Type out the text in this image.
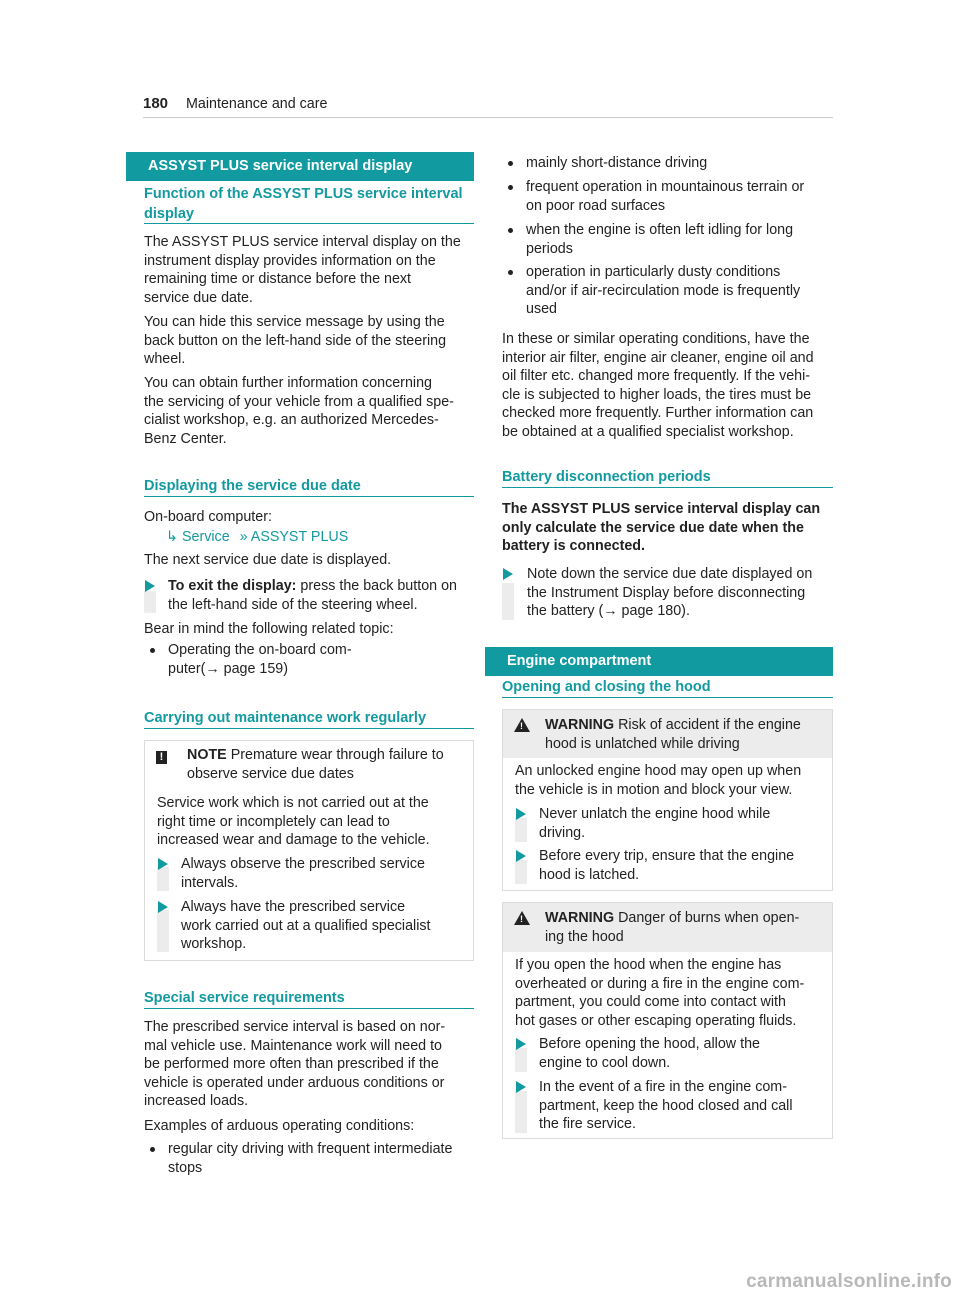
180 Maintenance and care
ASSYST PLUS service interval display
Function of the ASSYST PLUS service interval
display
The ASSYST PLUS service interval display on the
instrument display provides information on the
remaining time or distance before the next
service due date.
You can hide this service message by using the
back button on the left-hand side of the steering
wheel.
You can obtain further information concerning
the servicing of your vehicle from a qualified spe-
cialist workshop, e.g. an authorized Mercedes-
Benz Center.
Displaying the service due date
On-board computer:
↳ Service » ASSYST PLUS
The next service due date is displayed.
To exit the display: press the back button on
the left-hand side of the steering wheel.
Bear in mind the following related topic:
Operating the on-board com-
puter(→ page 159)
Carrying out maintenance work regularly
! NOTE Premature wear through failure to
observe service due dates
Service work which is not carried out at the
right time or incompletely can lead to
increased wear and damage to the vehicle.
Always observe the prescribed service
intervals.
Always have the prescribed service
work carried out at a qualified specialist
workshop.
Special service requirements
The prescribed service interval is based on nor-
mal vehicle use. Maintenance work will need to
be performed more often than prescribed if the
vehicle is operated under arduous conditions or
increased loads.
Examples of arduous operating conditions:
regular city driving with frequent intermediate
stops
mainly short-distance driving
frequent operation in mountainous terrain or
on poor road surfaces
when the engine is often left idling for long
periods
operation in particularly dusty conditions
and/or if air-recirculation mode is frequently
used
In these or similar operating conditions, have the
interior air filter, engine air cleaner, engine oil and
oil filter etc. changed more frequently. If the vehi-
cle is subjected to higher loads, the tires must be
checked more frequently. Further information can
be obtained at a qualified specialist workshop.
Battery disconnection periods
The ASSYST PLUS service interval display can
only calculate the service due date when the
battery is connected.
Note down the service due date displayed on
the Instrument Display before disconnecting
the battery (→ page 180).
Engine compartment
Opening and closing the hood
! WARNING Risk of accident if the engine
hood is unlatched while driving
An unlocked engine hood may open up when
the vehicle is in motion and block your view.
Never unlatch the engine hood while
driving.
Before every trip, ensure that the engine
hood is latched.
! WARNING Danger of burns when open-
ing the hood
If you open the hood when the engine has
overheated or during a fire in the engine com-
partment, you could come into contact with
hot gases or other escaping operating fluids.
Before opening the hood, allow the
engine to cool down.
In the event of a fire in the engine com-
partment, keep the hood closed and call
the fire service.
carmanualsonline.info
